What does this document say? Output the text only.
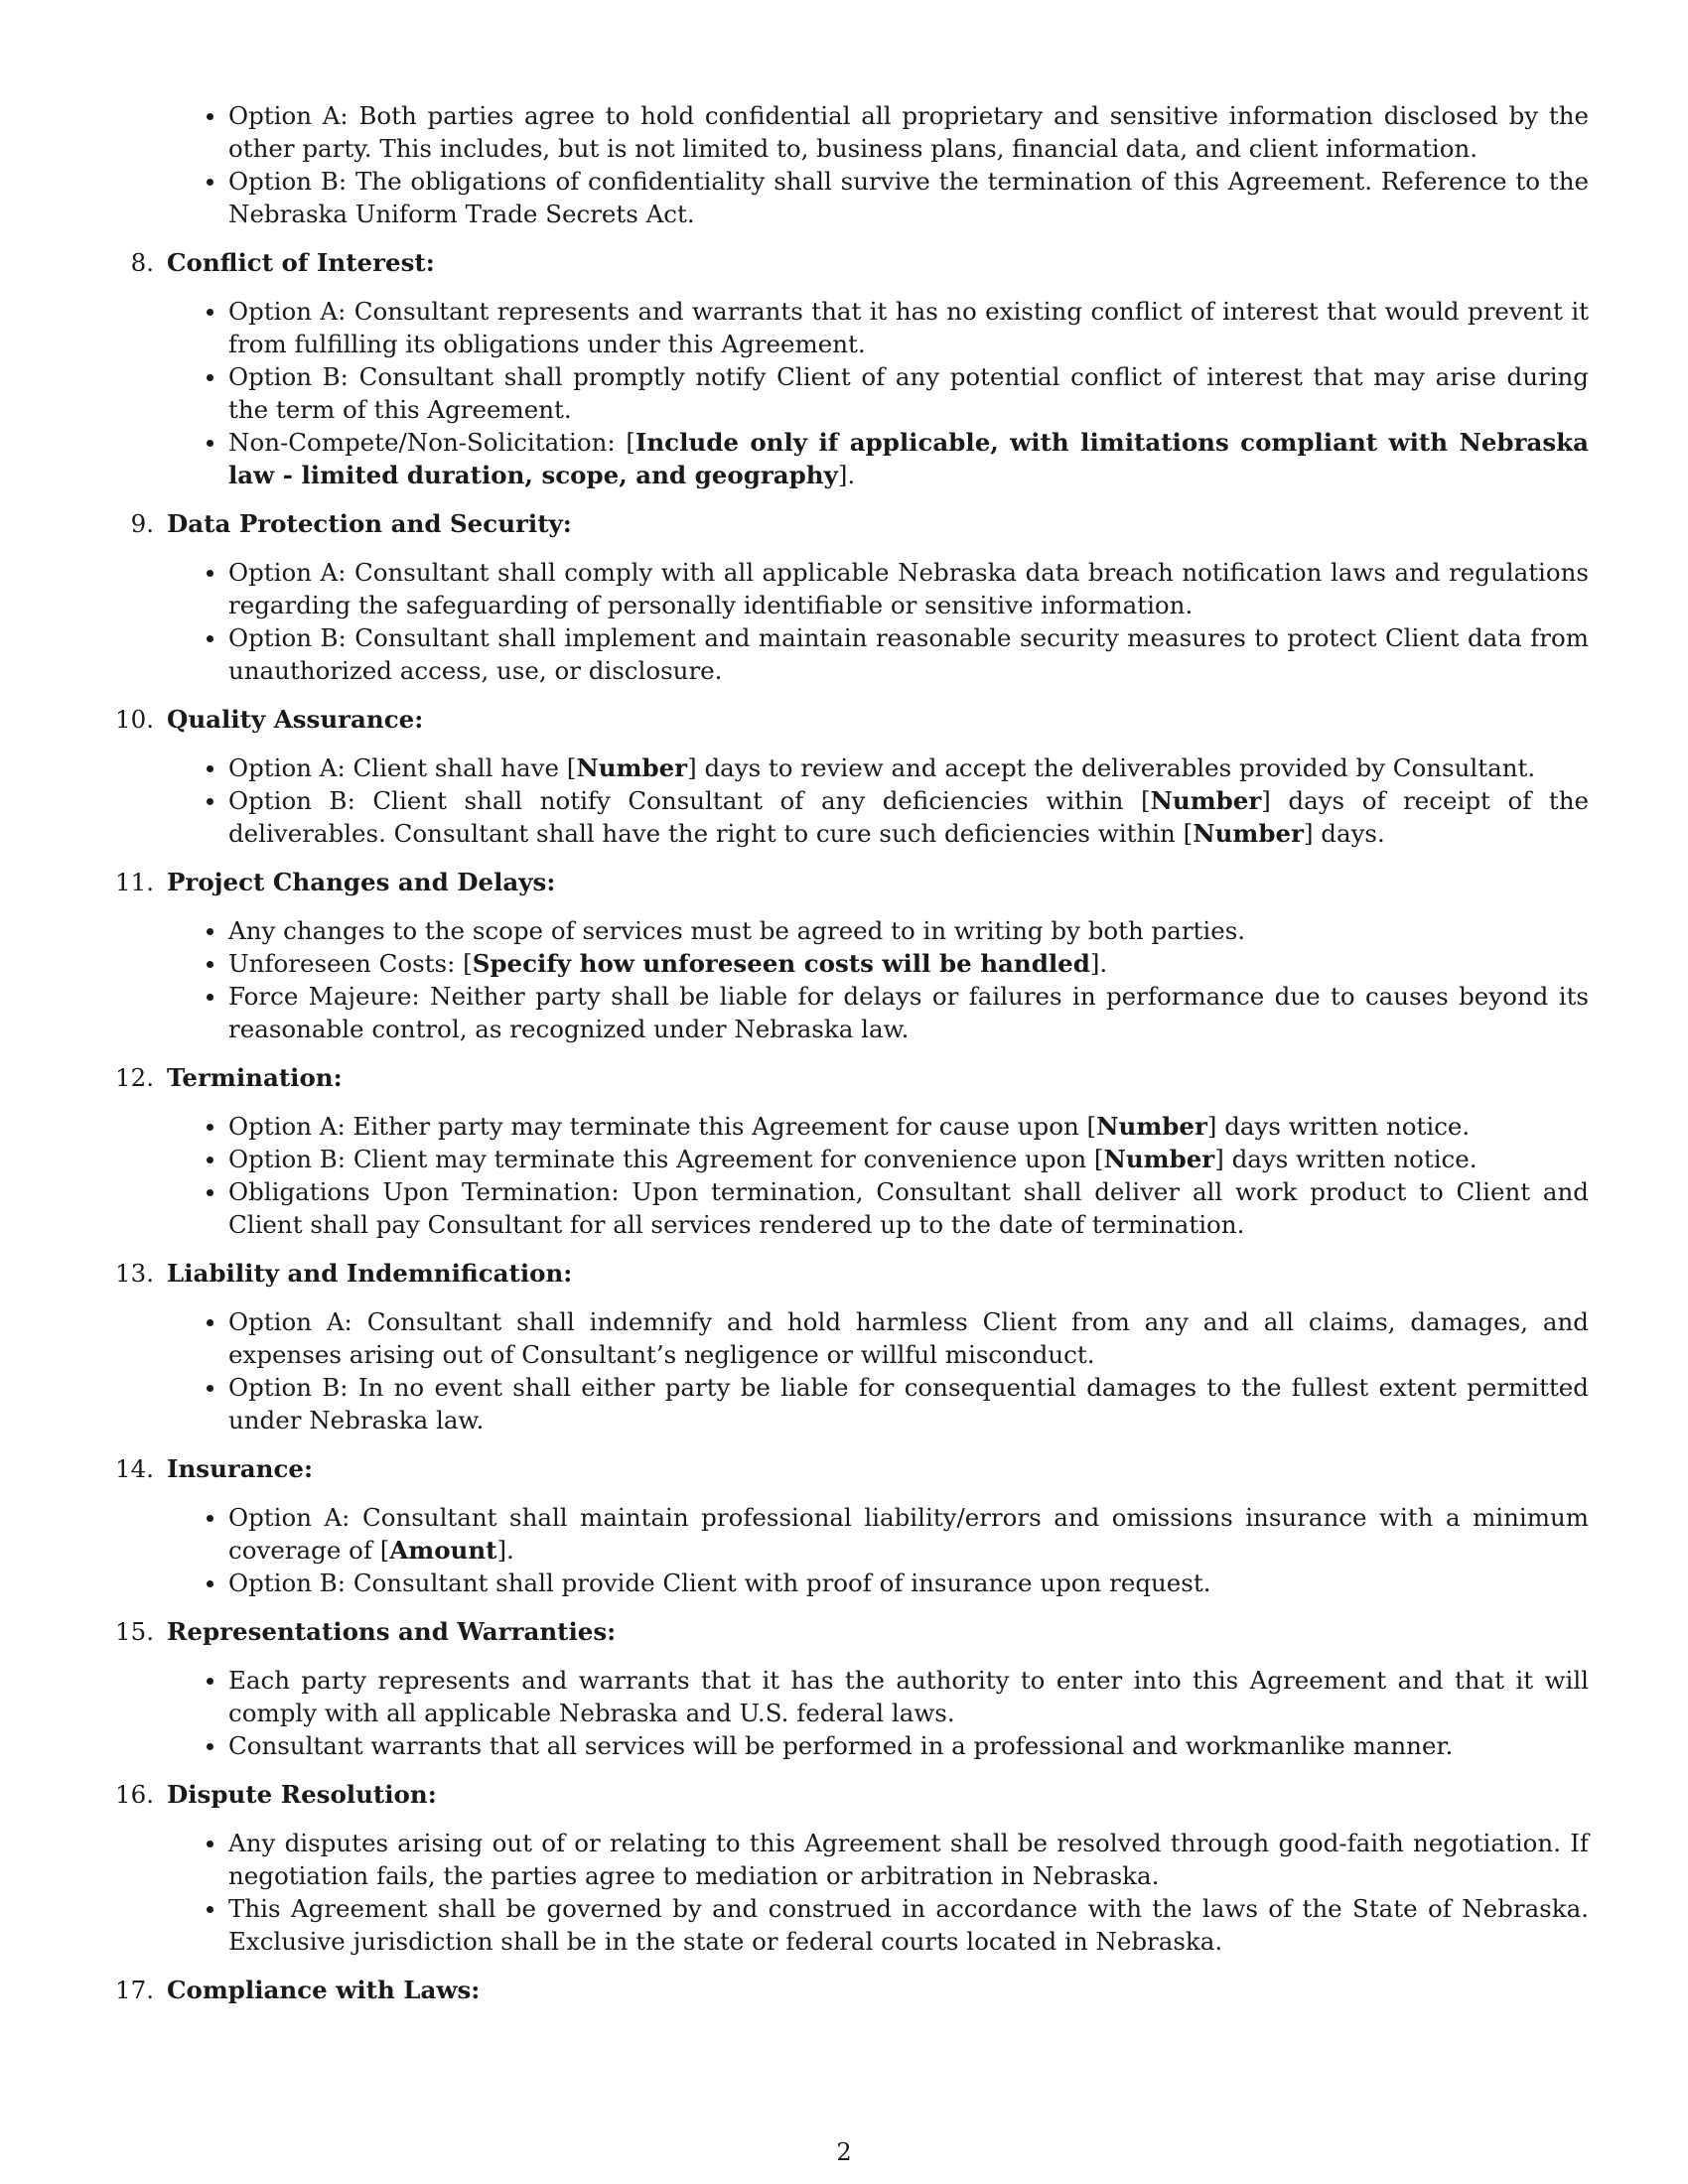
Option A: Both parties agree to hold confidential all proprietary and sensitive information disclosed by the other party. This includes, but is not limited to, business plans, financial data, and client information.
Option B: The obligations of confidentiality shall survive the termination of this Agreement. Reference to the Nebraska Uniform Trade Secrets Act.
8. Conflict of Interest:
Option A: Consultant represents and warrants that it has no existing conflict of interest that would prevent it from fulfilling its obligations under this Agreement.
Option B: Consultant shall promptly notify Client of any potential conflict of interest that may arise during the term of this Agreement.
Non-Compete/Non-Solicitation: [Include only if applicable, with limitations compliant with Nebraska law - limited duration, scope, and geography].
9. Data Protection and Security:
Option A: Consultant shall comply with all applicable Nebraska data breach notification laws and regulations regarding the safeguarding of personally identifiable or sensitive information.
Option B: Consultant shall implement and maintain reasonable security measures to protect Client data from unauthorized access, use, or disclosure.
10. Quality Assurance:
Option A: Client shall have [Number] days to review and accept the deliverables provided by Consultant.
Option B: Client shall notify Consultant of any deficiencies within [Number] days of receipt of the deliverables. Consultant shall have the right to cure such deficiencies within [Number] days.
11. Project Changes and Delays:
Any changes to the scope of services must be agreed to in writing by both parties.
Unforeseen Costs: [Specify how unforeseen costs will be handled].
Force Majeure: Neither party shall be liable for delays or failures in performance due to causes beyond its reasonable control, as recognized under Nebraska law.
12. Termination:
Option A: Either party may terminate this Agreement for cause upon [Number] days written notice.
Option B: Client may terminate this Agreement for convenience upon [Number] days written notice.
Obligations Upon Termination: Upon termination, Consultant shall deliver all work product to Client and Client shall pay Consultant for all services rendered up to the date of termination.
13. Liability and Indemnification:
Option A: Consultant shall indemnify and hold harmless Client from any and all claims, damages, and expenses arising out of Consultant’s negligence or willful misconduct.
Option B: In no event shall either party be liable for consequential damages to the fullest extent permitted under Nebraska law.
14. Insurance:
Option A: Consultant shall maintain professional liability/errors and omissions insurance with a minimum coverage of [Amount].
Option B: Consultant shall provide Client with proof of insurance upon request.
15. Representations and Warranties:
Each party represents and warrants that it has the authority to enter into this Agreement and that it will comply with all applicable Nebraska and U.S. federal laws.
Consultant warrants that all services will be performed in a professional and workmanlike manner.
16. Dispute Resolution:
Any disputes arising out of or relating to this Agreement shall be resolved through good-faith negotiation. If negotiation fails, the parties agree to mediation or arbitration in Nebraska.
This Agreement shall be governed by and construed in accordance with the laws of the State of Nebraska. Exclusive jurisdiction shall be in the state or federal courts located in Nebraska.
17. Compliance with Laws:
2
